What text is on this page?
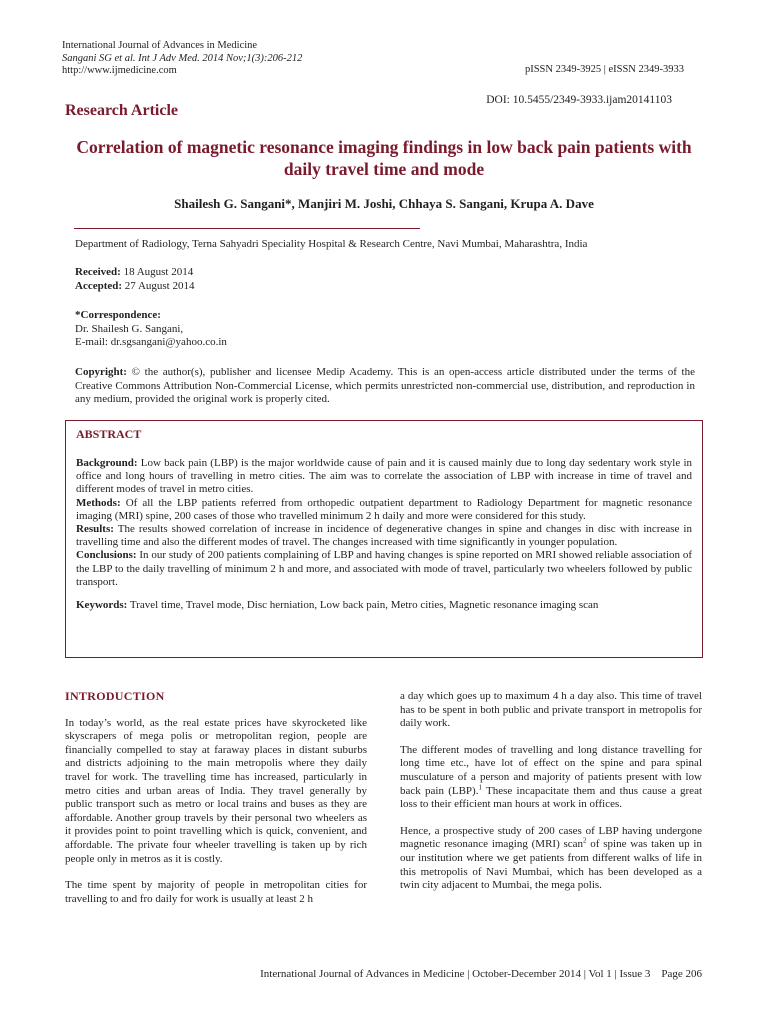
International Journal of Advances in Medicine
Sangani SG et al. Int J Adv Med. 2014 Nov;1(3):206-212
http://www.ijmedicine.com	pISSN 2349-3925 | eISSN 2349-3933
DOI: 10.5455/2349-3933.ijam20141103
Research Article
Correlation of magnetic resonance imaging findings in low back pain patients with daily travel time and mode
Shailesh G. Sangani*, Manjiri M. Joshi, Chhaya S. Sangani, Krupa A. Dave
Department of Radiology, Terna Sahyadri Speciality Hospital & Research Centre, Navi Mumbai, Maharashtra, India
Received: 18 August 2014
Accepted: 27 August 2014
*Correspondence:
Dr. Shailesh G. Sangani,
E-mail: dr.sgsangani@yahoo.co.in
Copyright: © the author(s), publisher and licensee Medip Academy. This is an open-access article distributed under the terms of the Creative Commons Attribution Non-Commercial License, which permits unrestricted non-commercial use, distribution, and reproduction in any medium, provided the original work is properly cited.
ABSTRACT

Background: Low back pain (LBP) is the major worldwide cause of pain and it is caused mainly due to long day sedentary work style in office and long hours of travelling in metro cities. The aim was to correlate the association of LBP with increase in time of travel and different modes of travel in metro cities.

Methods: Of all the LBP patients referred from orthopedic outpatient department to Radiology Department for magnetic resonance imaging (MRI) spine, 200 cases of those who travelled minimum 2 h daily and more were considered for this study.

Results: The results showed correlation of increase in incidence of degenerative changes in spine and changes in disc with increase in travelling time and also the different modes of travel. The changes increased with time significantly in younger population.

Conclusions: In our study of 200 patients complaining of LBP and having changes is spine reported on MRI showed reliable association of the LBP to the daily travelling of minimum 2 h and more, and associated with mode of travel, particularly two wheelers followed by public transport.

Keywords: Travel time, Travel mode, Disc herniation, Low back pain, Metro cities, Magnetic resonance imaging scan

INTRODUCTION

In today’s world, as the real estate prices have skyrocketed like skyscrapers of mega polis or metropolitan region, people are financially compelled to stay at faraway places in distant suburbs and districts adjoining to the main metropolis where they daily travel for work. The travelling time has increased, particularly in metro cities and urban areas of India. They travel generally by public transport such as metro or local trains and buses as they are affordable. Another group travels by their personal two wheelers as it provides point to point travelling which is quick, convenient, and affordable. The private four wheeler travelling is taken up by rich people only in metros as it is costly.

The time spent by majority of people in metropolitan cities for travelling to and fro daily for work is usually at least 2 h

a day which goes up to maximum 4 h a day also. This time of travel has to be spent in both public and private transport in metropolis for daily work.

The different modes of travelling and long distance travelling for long time etc., have lot of effect on the spine and para spinal musculature of a person and majority of patients present with low back pain (LBP).$^1$ These incapacitate them and thus cause a great loss to their efficient man hours at work in offices.

Hence, a prospective study of 200 cases of LBP having undergone magnetic resonance imaging (MRI) scan$^2$ of spine was taken up in our institution where we get patients from different walks of life in this metropolis of Navi Mumbai, which has been developed as a twin city adjacent to Mumbai, the mega polis.

International Journal of Advances in Medicine | October-December 2014 | Vol 1 | Issue 3    Page 206
